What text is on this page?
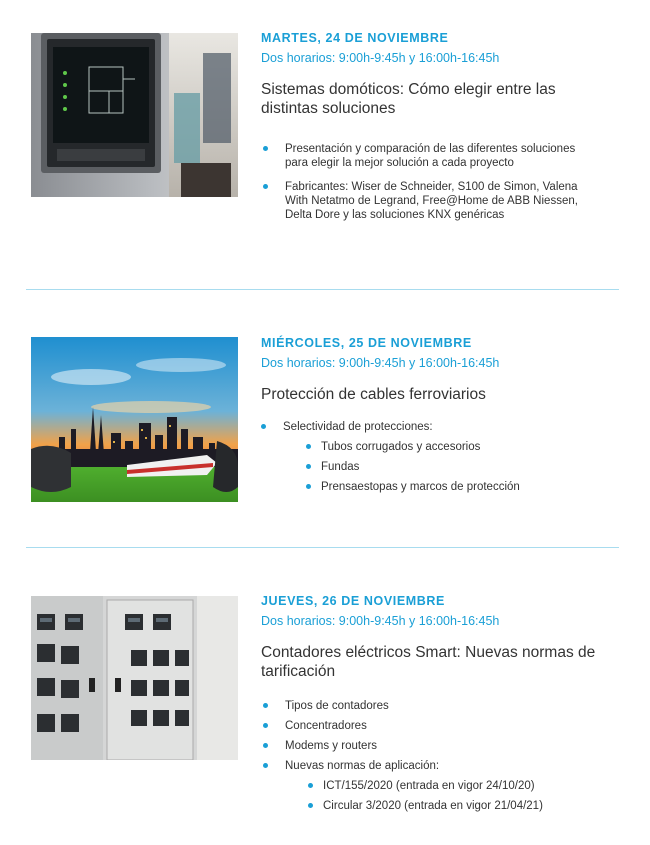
MARTES, 24 DE NOVIEMBRE

Dos horarios: 9:00h-9:45h y 16:00h-16:45h

Sistemas domóticos: Cómo elegir entre las distintas soluciones
Presentación y comparación de las diferentes soluciones para elegir la mejor solución a cada proyecto
Fabricantes: Wiser de Schneider, S100 de Simon, Valena With Netatmo de Legrand, Free@Home de ABB Niessen, Delta Dore y las soluciones KNX genéricas

MIÉRCOLES, 25 DE NOVIEMBRE

Dos horarios: 9:00h-9:45h y 16:00h-16:45h

Protección de cables ferroviarios
Selectividad de protecciones:
Tubos corrugados y accesorios
Fundas
Prensaestopas y marcos de protección

JUEVES, 26 DE NOVIEMBRE

Dos horarios: 9:00h-9:45h y 16:00h-16:45h

Contadores eléctricos Smart: Nuevas normas de tarificación
Tipos de contadores
Concentradores
Modems y routers
Nuevas normas de aplicación:
ICT/155/2020 (entrada en vigor 24/10/20)
Circular 3/2020 (entrada en vigor 21/04/21)
